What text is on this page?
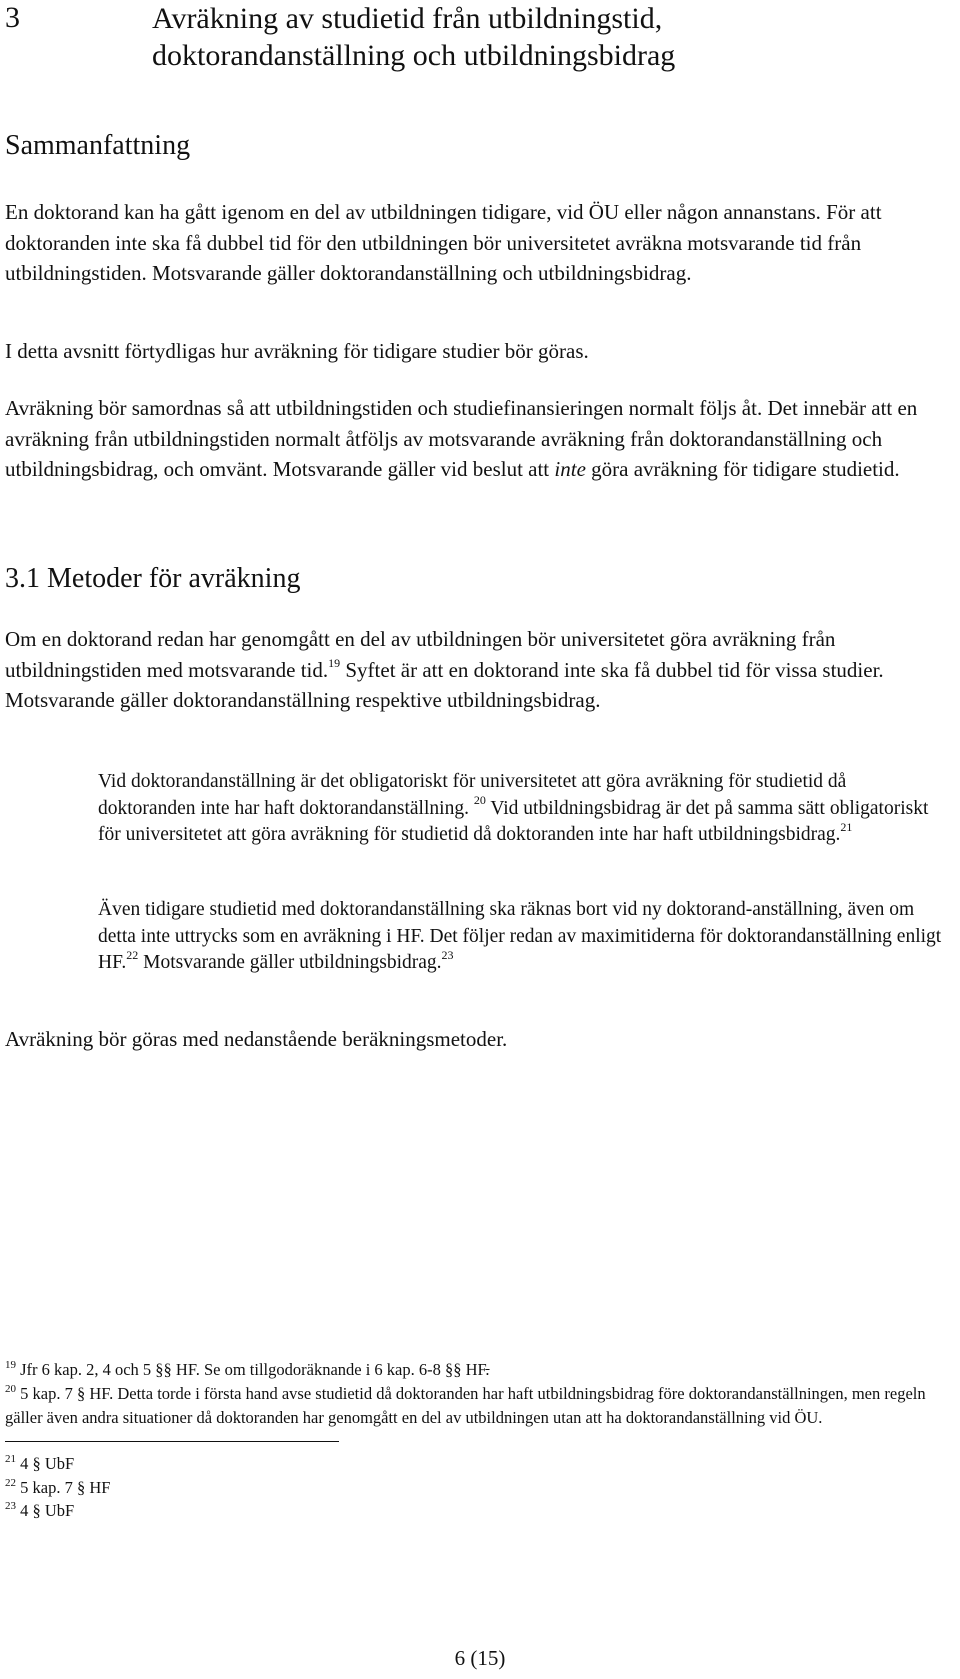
3	Avräkning av studietid från utbildningstid,
doktorandanställning och utbildningsbidrag
Sammanfattning

En doktorand kan ha gått igenom en del av utbildningen tidigare, vid ÖU eller någon annanstans. För att doktoranden inte ska få dubbel tid för den utbildningen bör universitetet avräkna motsvarande tid från utbildningstiden. Motsvarande gäller doktorandanställning och utbildningsbidrag.

I detta avsnitt förtydligas hur avräkning för tidigare studier bör göras.

Avräkning bör samordnas så att utbildningstiden och studiefinansieringen normalt följs åt. Det innebär att en avräkning från utbildningstiden normalt åtföljs av motsvarande avräkning från doktorandanställning och utbildningsbidrag, och omvänt. Motsvarande gäller vid beslut att inte göra avräkning för tidigare studietid.

3.1 Metoder för avräkning

Om en doktorand redan har genomgått en del av utbildningen bör universitetet göra avräkning från utbildningstiden med motsvarande tid.$^{19}$ Syftet är att en doktorand inte ska få dubbel tid för vissa studier. Motsvarande gäller doktorandanställning respektive utbildningsbidrag.

Vid doktorandanställning är det obligatoriskt för universitetet att göra avräkning för studietid då doktoranden inte har haft doktorandanställning. $^{20}$ Vid utbildningsbidrag är det på samma sätt obligatoriskt för universitetet att göra avräkning för studietid då doktoranden inte har haft utbildningsbidrag.$^{21}$

Även tidigare studietid med doktorandanställning ska räknas bort vid ny doktorand-anställning, även om detta inte uttrycks som en avräkning i HF. Det följer redan av maximitiderna för doktorandanställning enligt HF.$^{22}$ Motsvarande gäller utbildningsbidrag.$^{23}$

Avräkning bör göras med nedanstående beräkningsmetoder.

$^{19}$ Jfr 6 kap. 2, 4 och 5 §§ HF. Se om tillgodoräknande i 6 kap. 6-8 §§ HF.
$^{20}$ 5 kap. 7 § HF. Detta torde i första hand avse studietid då doktoranden har haft utbildningsbidrag före doktorandanställningen, men regeln gäller även andra situationer då doktoranden har genomgått en del av utbildningen utan att ha doktorandanställning vid ÖU.
$^{21}$ 4 § UbF
$^{22}$ 5 kap. 7 § HF
$^{23}$ 4 § UbF
6 (15)
